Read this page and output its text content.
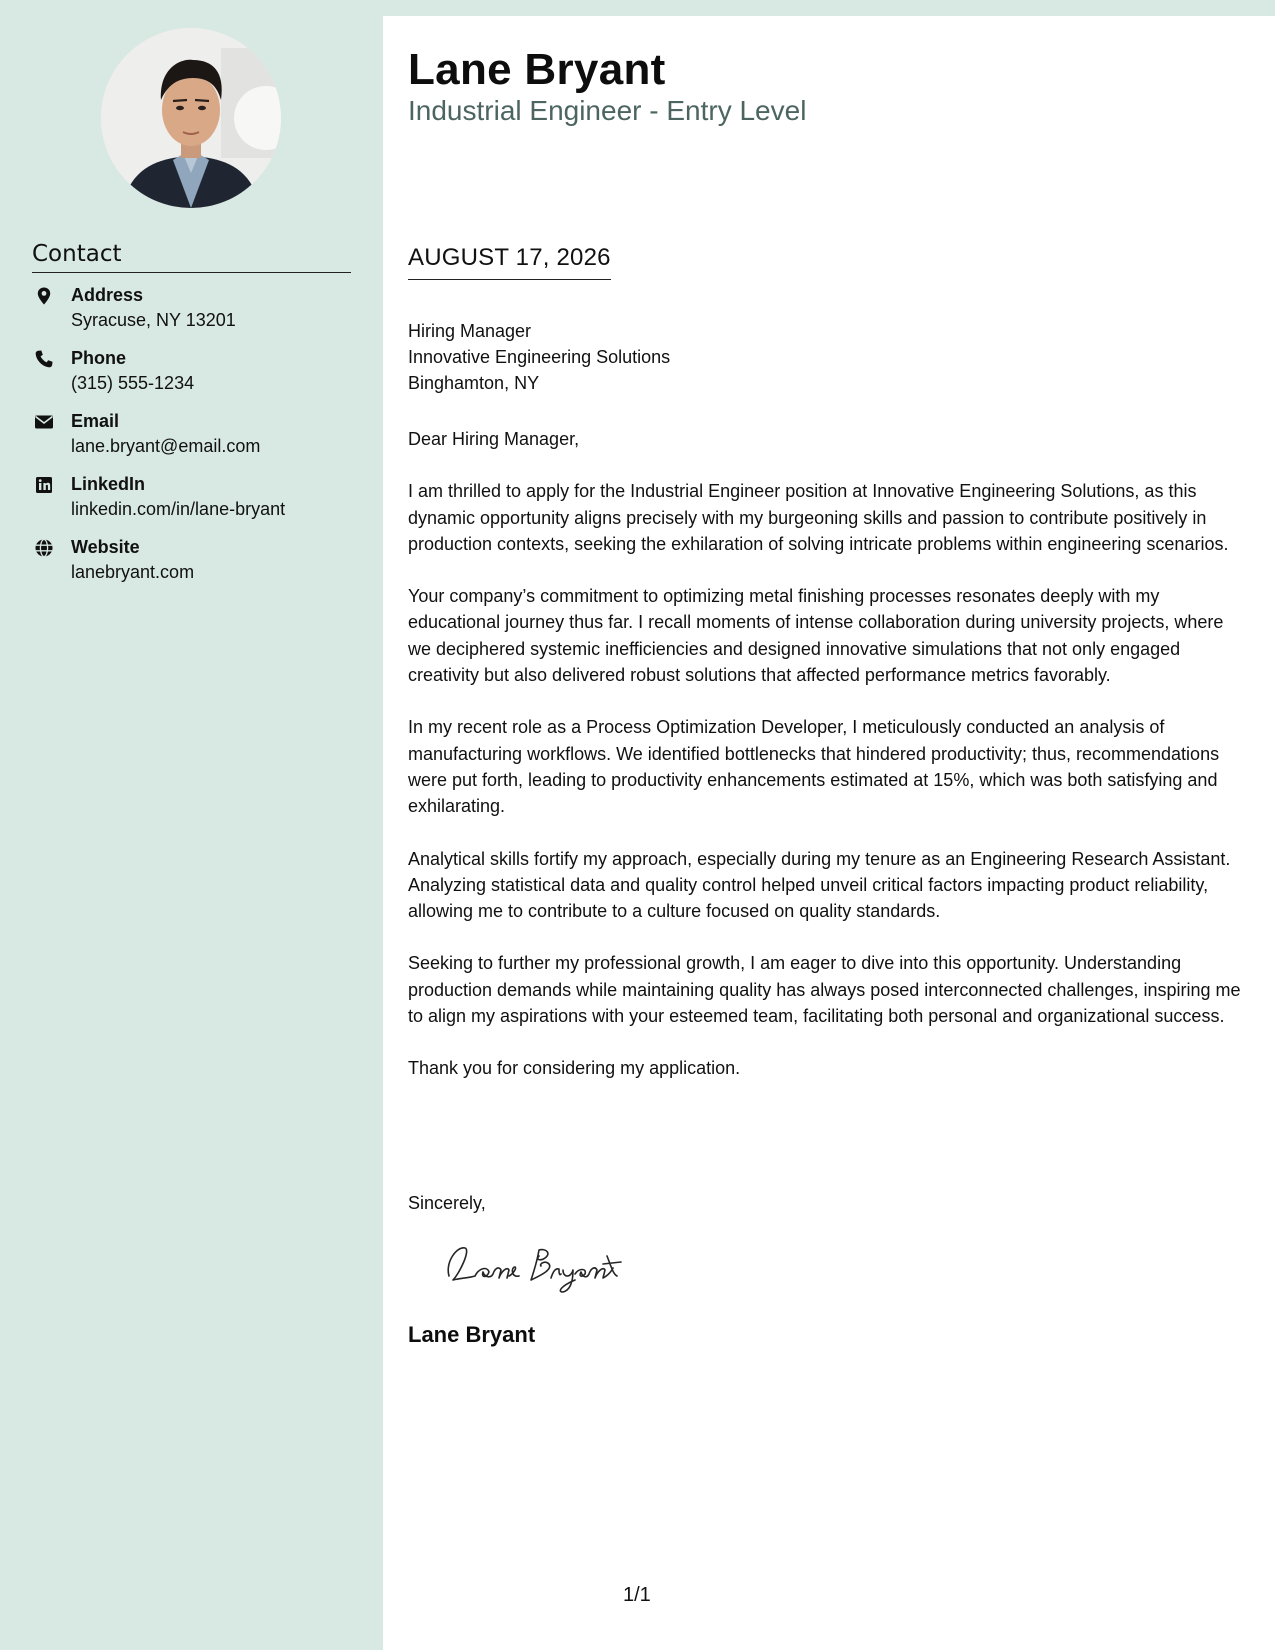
Contact
Address
Syracuse, NY 13201
Phone
(315) 555-1234
Email
lane.bryant@email.com
LinkedIn
linkedin.com/in/lane-bryant
Website
lanebryant.com
Lane Bryant
Industrial Engineer - Entry Level
AUGUST 17, 2026
Hiring Manager
Innovative Engineering Solutions
Binghamton, NY

Dear Hiring Manager,

I am thrilled to apply for the Industrial Engineer position at Innovative Engineering Solutions, as this dynamic opportunity aligns precisely with my burgeoning skills and passion to contribute positively in production contexts, seeking the exhilaration of solving intricate problems within engineering scenarios.

Your company’s commitment to optimizing metal finishing processes resonates deeply with my educational journey thus far. I recall moments of intense collaboration during university projects, where we deciphered systemic inefficiencies and designed innovative simulations that not only engaged creativity but also delivered robust solutions that affected performance metrics favorably.

In my recent role as a Process Optimization Developer, I meticulously conducted an analysis of manufacturing workflows. We identified bottlenecks that hindered productivity; thus, recommendations were put forth, leading to productivity enhancements estimated at 15%, which was both satisfying and exhilarating.

Analytical skills fortify my approach, especially during my tenure as an Engineering Research Assistant. Analyzing statistical data and quality control helped unveil critical factors impacting product reliability, allowing me to contribute to a culture focused on quality standards.

Seeking to further my professional growth, I am eager to dive into this opportunity. Understanding production demands while maintaining quality has always posed interconnected challenges, inspiring me to align my aspirations with your esteemed team, facilitating both personal and organizational success.

Thank you for considering my application.

Sincerely,
Lane Bryant
1/1
